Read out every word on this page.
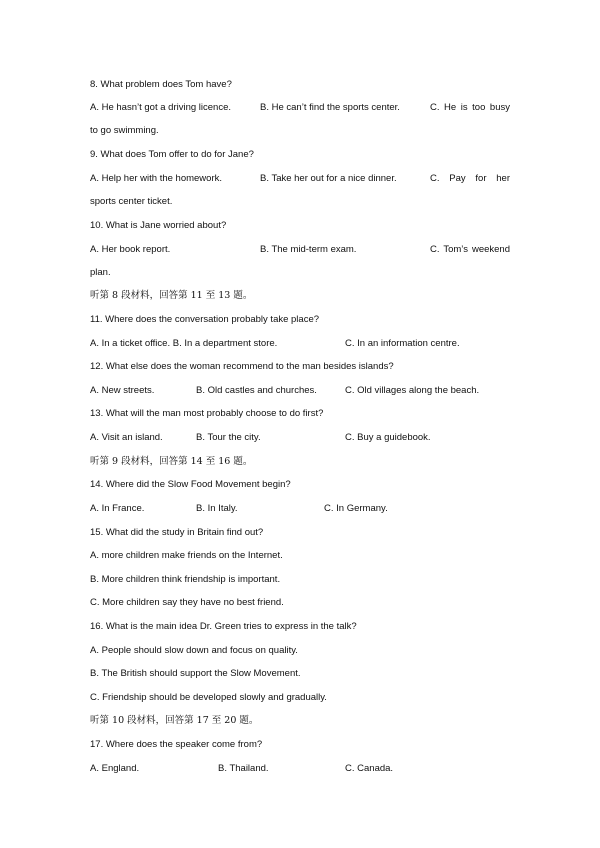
8. What problem does Tom have?
A. He hasn’t got a driving licence.	B. He can’t find the sports center.	C. He is too busy
to go swimming.
9. What does Tom offer to do for Jane?
A. Help her with the homework.	B. Take her out for a nice dinner.	C. Pay for her
sports center ticket.
10. What is Jane worried about?
A. Her book report.	B. The mid-term exam.	C. Tom’s weekend
plan.
听第 8 段材料，回答第 11 至 13 题。
11. Where does the conversation probably take place?
A. In a ticket office. B. In a department store.	C. In an information centre.
12. What else does the woman recommend to the man besides islands?
A. New streets.	B. Old castles and churches.	C. Old villages along the beach.
13. What will the man most probably choose to do first?
A. Visit an island.	B. Tour the city.	C. Buy a guidebook.
听第 9 段材料，回答第 14 至 16 题。
14. Where did the Slow Food Movement begin?
A. In France.	B. In Italy.	C. In Germany.
15. What did the study in Britain find out?
A. more children make friends on the Internet.
B. More children think friendship is important.
C. More children say they have no best friend.
16. What is the main idea Dr. Green tries to express in the talk?
A. People should slow down and focus on quality.
B. The British should support the Slow Movement.
C. Friendship should be developed slowly and gradually.
听第 10 段材料，回答第 17 至 20 题。
17. Where does the speaker come from?
A. England.	B. Thailand.	C. Canada.
